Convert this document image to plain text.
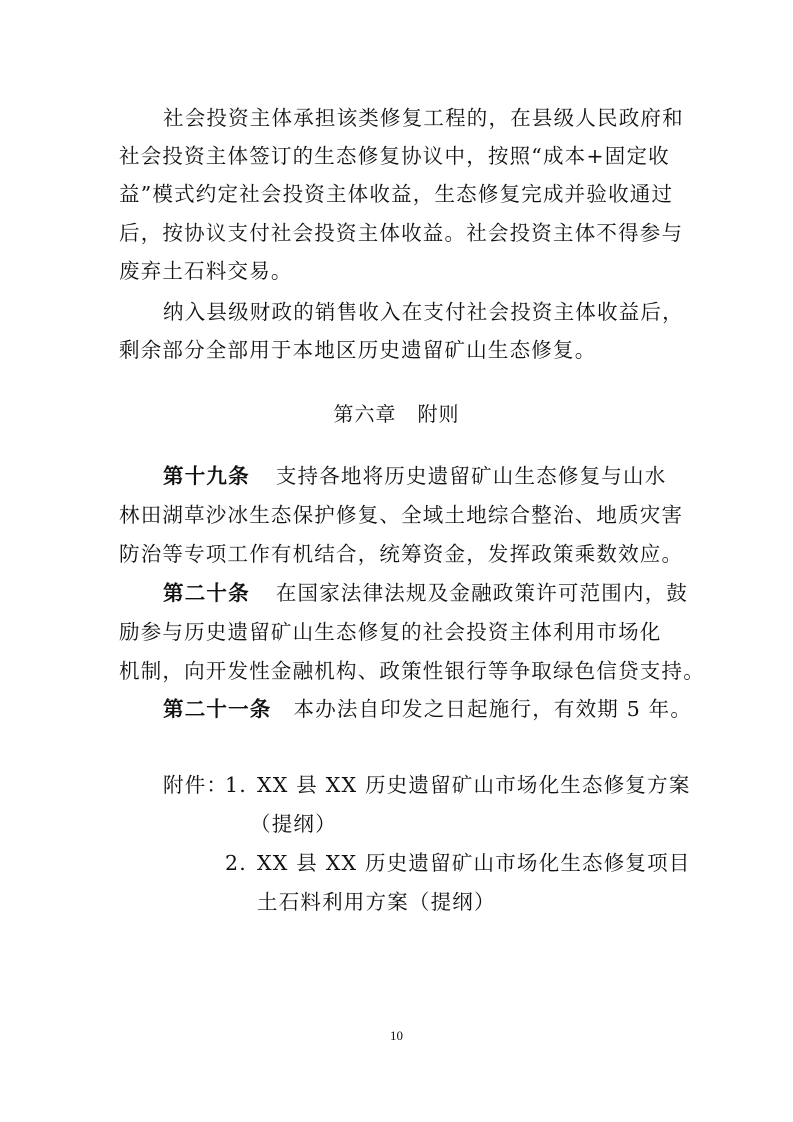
社会投资主体承担该类修复工程的，在县级人民政府和
社会投资主体签订的生态修复协议中，按照“成本+固定收
益”模式约定社会投资主体收益，生态修复完成并验收通过
后，按协议支付社会投资主体收益。社会投资主体不得参与
废弃土石料交易。
纳入县级财政的销售收入在支付社会投资主体收益后，
剩余部分全部用于本地区历史遗留矿山生态修复。
第六章　附则
第十九条 支持各地将历史遗留矿山生态修复与山水
林田湖草沙冰生态保护修复、全域土地综合整治、地质灾害
防治等专项工作有机结合，统筹资金，发挥政策乘数效应。
第二十条 在国家法律法规及金融政策许可范围内，鼓
励参与历史遗留矿山生态修复的社会投资主体利用市场化
机制，向开发性金融机构、政策性银行等争取绿色信贷支持。
第二十一条 本办法自印发之日起施行，有效期 5 年。
附件：
1. XX 县 XX 历史遗留矿山市场化生态修复方案
（提纲）
2. XX 县 XX 历史遗留矿山市场化生态修复项目
土石料利用方案（提纲）
10
